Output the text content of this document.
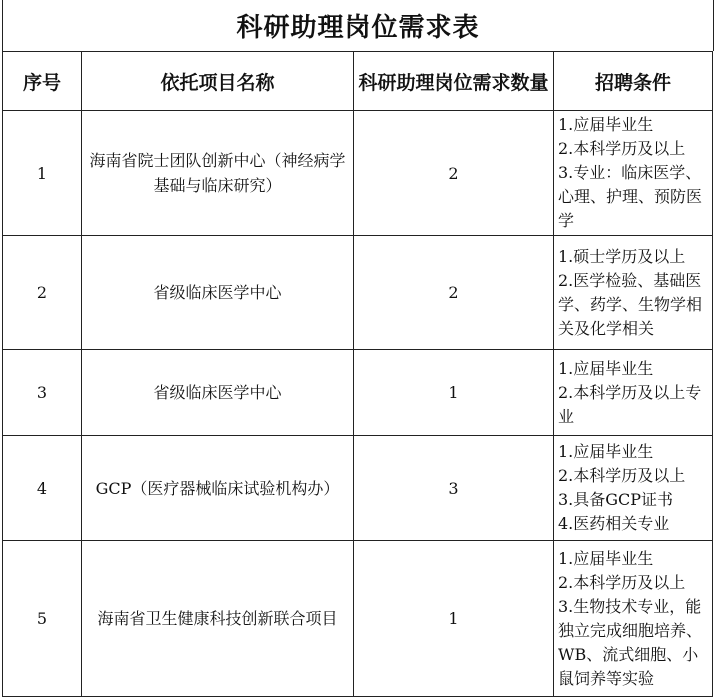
科研助理岗位需求表
序号	依托项目名称	科研助理岗位需求数量	招聘条件
1	海南省院士团队创新中心（神经病学基础与临床研究）	2	1.应届毕业生
2.本科学历及以上
3.专业：临床医学、心理、护理、预防医学

2	省级临床医学中心	2	1.硕士学历及以上
2.医学检验、基础医学、药学、生物学相关及化学相关

3	省级临床医学中心	1	1.应届毕业生
2.本科学历及以上专业

4	GCP（医疗器械临床试验机构办）	3	1.应届毕业生
2.本科学历及以上
3.具备GCP证书
4.医药相关专业

5	海南省卫生健康科技创新联合项目	1	1.应届毕业生
2.本科学历及以上
3.生物技术专业，能独立完成细胞培养、WB、流式细胞、小鼠饲养等实验
